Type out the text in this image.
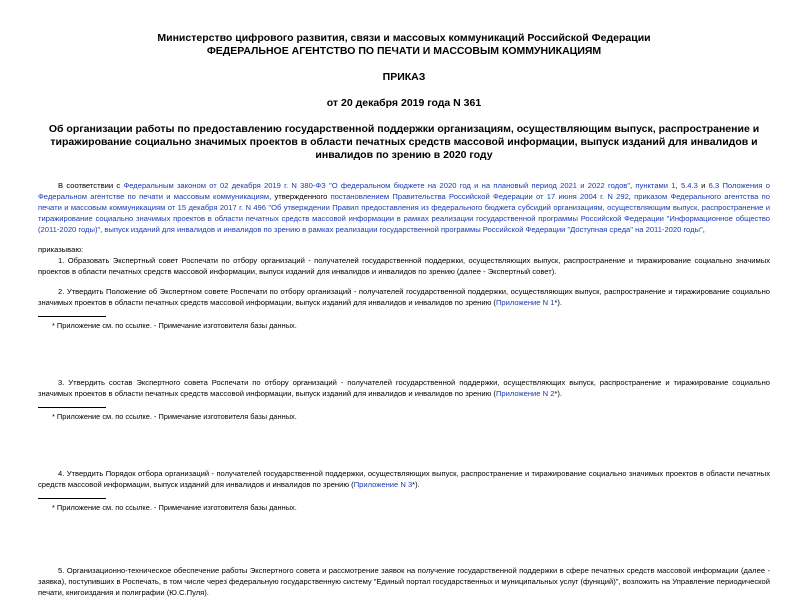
Министерство цифрового развития, связи и массовых коммуникаций Российской Федерации
ФЕДЕРАЛЬНОЕ АГЕНТСТВО ПО ПЕЧАТИ И МАССОВЫМ КОММУНИКАЦИЯМ
ПРИКАЗ
от 20 декабря 2019 года N 361
Об организации работы по предоставлению государственной поддержки организациям, осуществляющим выпуск, распространение и тиражирование социально значимых проектов в области печатных средств массовой информации, выпуск изданий для инвалидов и инвалидов по зрению в 2020 году

В соответствии с Федеральным законом от 02 декабря 2019 г. N 380-ФЗ "О федеральном бюджете на 2020 год и на плановый период 2021 и 2022 годов", пунктами 1, 5.4.3 и 6.3 Положения о Федеральном агентстве по печати и массовым коммуникациям, утвержденного постановлением Правительства Российской Федерации от 17 июня 2004 г. N 292, приказом Федерального агентства по печати и массовым коммуникациям от 15 декабря 2017 г. N 496 "Об утверждении Правил предоставления из федерального бюджета субсидий организациям, осуществляющим выпуск, распространение и тиражирование социально значимых проектов в области печатных средств массовой информации в рамках реализации государственной программы Российской Федерации "Информационное общество (2011-2020 годы)", выпуск изданий для инвалидов и инвалидов по зрению в рамках реализации государственной программы Российской Федерации "Доступная среда" на 2011-2020 годы",

приказываю:

1. Образовать Экспертный совет Роспечати по отбору организаций - получателей государственной поддержки, осуществляющих выпуск, распространение и тиражирование социально значимых проектов в области печатных средств массовой информации, выпуск изданий для инвалидов и инвалидов по зрению (далее - Экспертный совет).

2. Утвердить Положение об Экспертном совете Роспечати по отбору организаций - получателей государственной поддержки, осуществляющих выпуск, распространение и тиражирование социально значимых проектов в области печатных средств массовой информации, выпуск изданий для инвалидов и инвалидов по зрению (Приложение N 1*).

* Приложение см. по ссылке. - Примечание изготовителя базы данных.

3. Утвердить состав Экспертного совета Роспечати по отбору организаций - получателей государственной поддержки, осуществляющих выпуск, распространение и тиражирование социально значимых проектов в области печатных средств массовой информации, выпуск изданий для инвалидов и инвалидов по зрению (Приложение N 2*).

* Приложение см. по ссылке. - Примечание изготовителя базы данных.

4. Утвердить Порядок отбора организаций - получателей государственной поддержки, осуществляющих выпуск, распространение и тиражирование социально значимых проектов в области печатных средств массовой информации, выпуск изданий для инвалидов и инвалидов по зрению (Приложение N 3*).

* Приложение см. по ссылке. - Примечание изготовителя базы данных.

5. Организационно-техническое обеспечение работы Экспертного совета и рассмотрение заявок на получение государственной поддержки в сфере печатных средств массовой информации (далее - заявка), поступивших в Роспечать, в том числе через федеральную государственную систему "Единый портал государственных и муниципальных услуг (функций)", возложить на Управление периодической печати, книгоиздания и полиграфии (Ю.С.Пуля).
